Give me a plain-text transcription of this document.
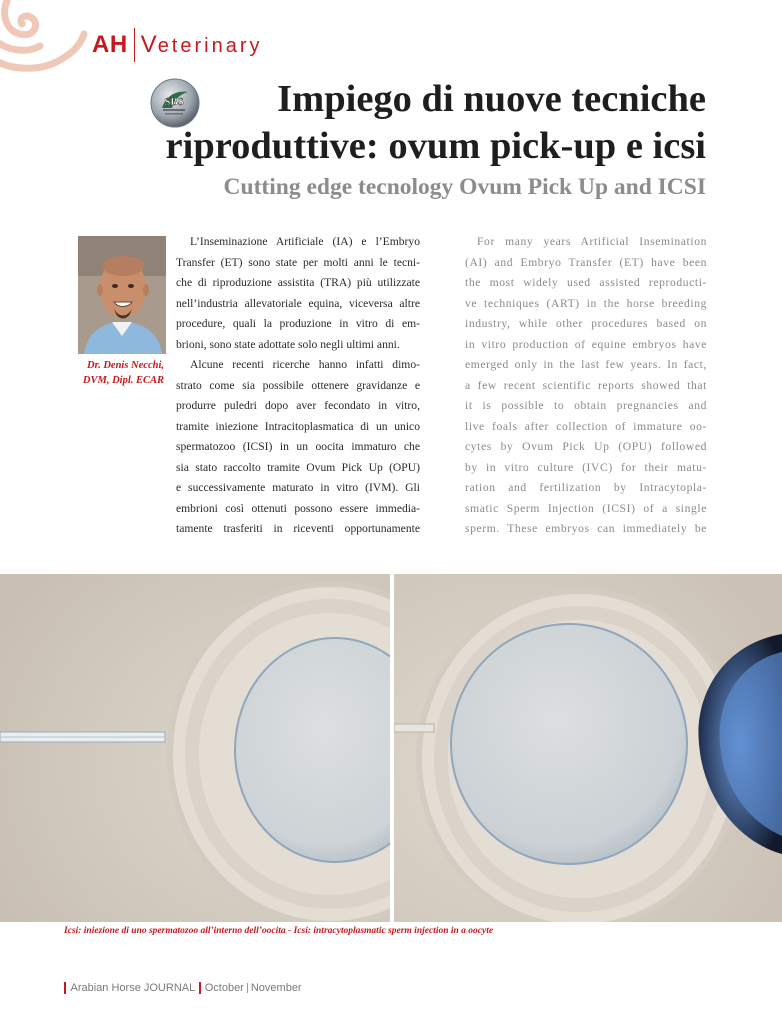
AH Veterinary
SBS	Impiego di nuove tecniche
riproduttive: ovum pick-up e icsi
Cutting edge tecnology Ovum Pick Up and ICSI
Dr. Denis Necchi,
DVM, Dipl. ECAR
L’Inseminazione Artificiale (IA) e l’Embryo
Transfer (ET) sono state per molti anni le tecni-
che di riproduzione assistita (TRA) più utilizzate
nell’industria allevatoriale equina, viceversa altre
procedure, quali la produzione in vitro di em-
brioni, sono state adottate solo negli ultimi anni.
Alcune recenti ricerche hanno infatti dimo-
strato come sia possibile ottenere gravidanze e
produrre puledri dopo aver fecondato in vitro,
tramite iniezione Intracitoplasmatica di un unico
spermatozoo (ICSI) in un oocita immaturo che
sia stato raccolto tramite Ovum Pick Up (OPU)
e successivamente maturato in vitro (IVM). Gli
embrioni così ottenuti possono essere immedia-
tamente trasferiti in riceventi opportunamente
For many years Artificial Insemination
(AI) and Embryo Transfer (ET) have been
the most widely used assisted reproducti-
ve techniques (ART) in the horse breeding
industry, while other procedures based on
in vitro production of equine embryos have
emerged only in the last few years. In fact,
a few recent scientific reports showed that
it is possible to obtain pregnancies and
live foals after collection of immature oo-
cytes by Ovum Pick Up (OPU) followed
by in vitro culture (IVC) for their matu-
ration and fertilization by Intracytopla-
smatic Sperm Injection (ICSI) of a single
sperm. These embryos can immediately be
Icsi: iniezione di uno spermatozoo all’interno dell’oocita - Icsi: intracytoplasmatic sperm injection in a oocyte
Arabian Horse JOURNAL October November
